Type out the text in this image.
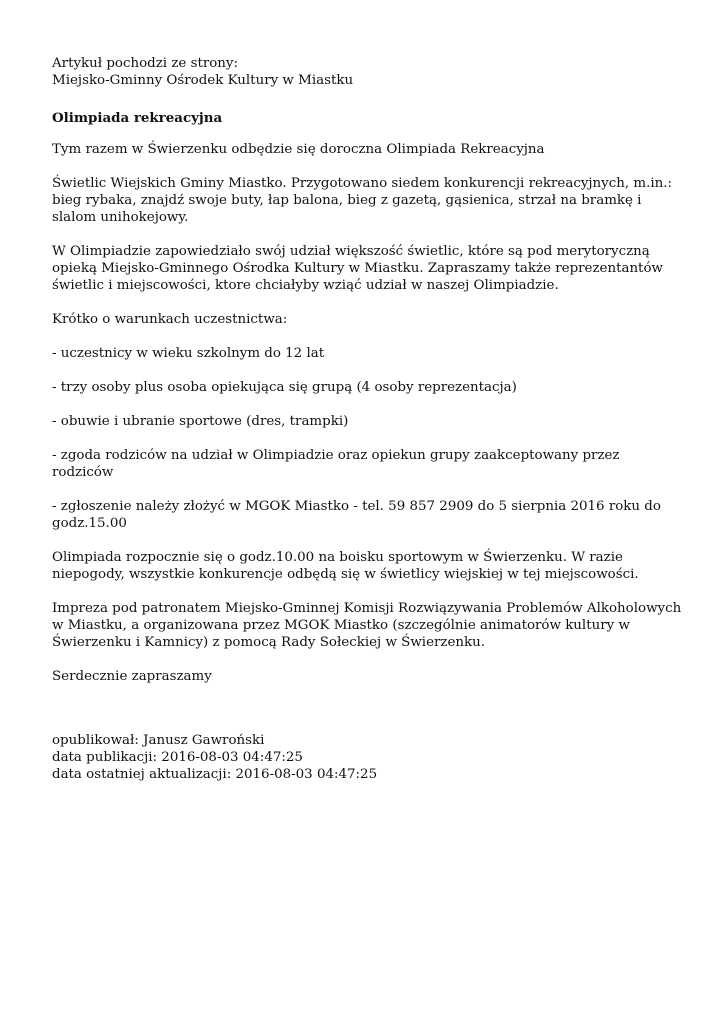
Artykuł pochodzi ze strony:
Miejsko-Gminny Ośrodek Kultury w Miastku
Olimpiada rekreacyjna

Tym razem w Świerzenku odbędzie się doroczna Olimpiada Rekreacyjna

Świetlic Wiejskich Gminy Miastko. Przygotowano siedem konkurencji rekreacyjnych, m.in.: bieg rybaka, znajdź swoje buty, łap balona, bieg z gazetą, gąsienica, strzał na bramkę i slalom unihokejowy.

W Olimpiadzie zapowiedziało swój udział większość świetlic, które są pod merytoryczną opieką Miejsko-Gminnego Ośrodka Kultury w Miastku. Zapraszamy także reprezentantów świetlic i miejscowości, ktore chciałyby wziąć udział w naszej Olimpiadzie.

Krótko o warunkach uczestnictwa:

- uczestnicy w wieku szkolnym do 12 lat

- trzy osoby plus osoba opiekująca się grupą (4 osoby reprezentacja)

- obuwie i ubranie sportowe (dres, trampki)

- zgoda rodziców na udział w Olimpiadzie oraz opiekun grupy zaakceptowany przez rodziców

- zgłoszenie należy złożyć w MGOK Miastko - tel. 59 857 2909 do 5 sierpnia 2016 roku do godz.15.00

Olimpiada rozpocznie się o godz.10.00 na boisku sportowym w Świerzenku. W razie niepogody, wszystkie konkurencje odbędą się w świetlicy wiejskiej w tej miejscowości.

Impreza pod patronatem Miejsko-Gminnej Komisji Rozwiązywania Problemów Alkoholowych w Miastku, a organizowana przez MGOK Miastko (szczególnie animatorów kultury w Świerzenku i Kamnicy) z pomocą Rady Sołeckiej w Świerzenku.

Serdecznie zapraszamy

opublikował: Janusz Gawroński
data publikacji: 2016-08-03 04:47:25
data ostatniej aktualizacji: 2016-08-03 04:47:25
